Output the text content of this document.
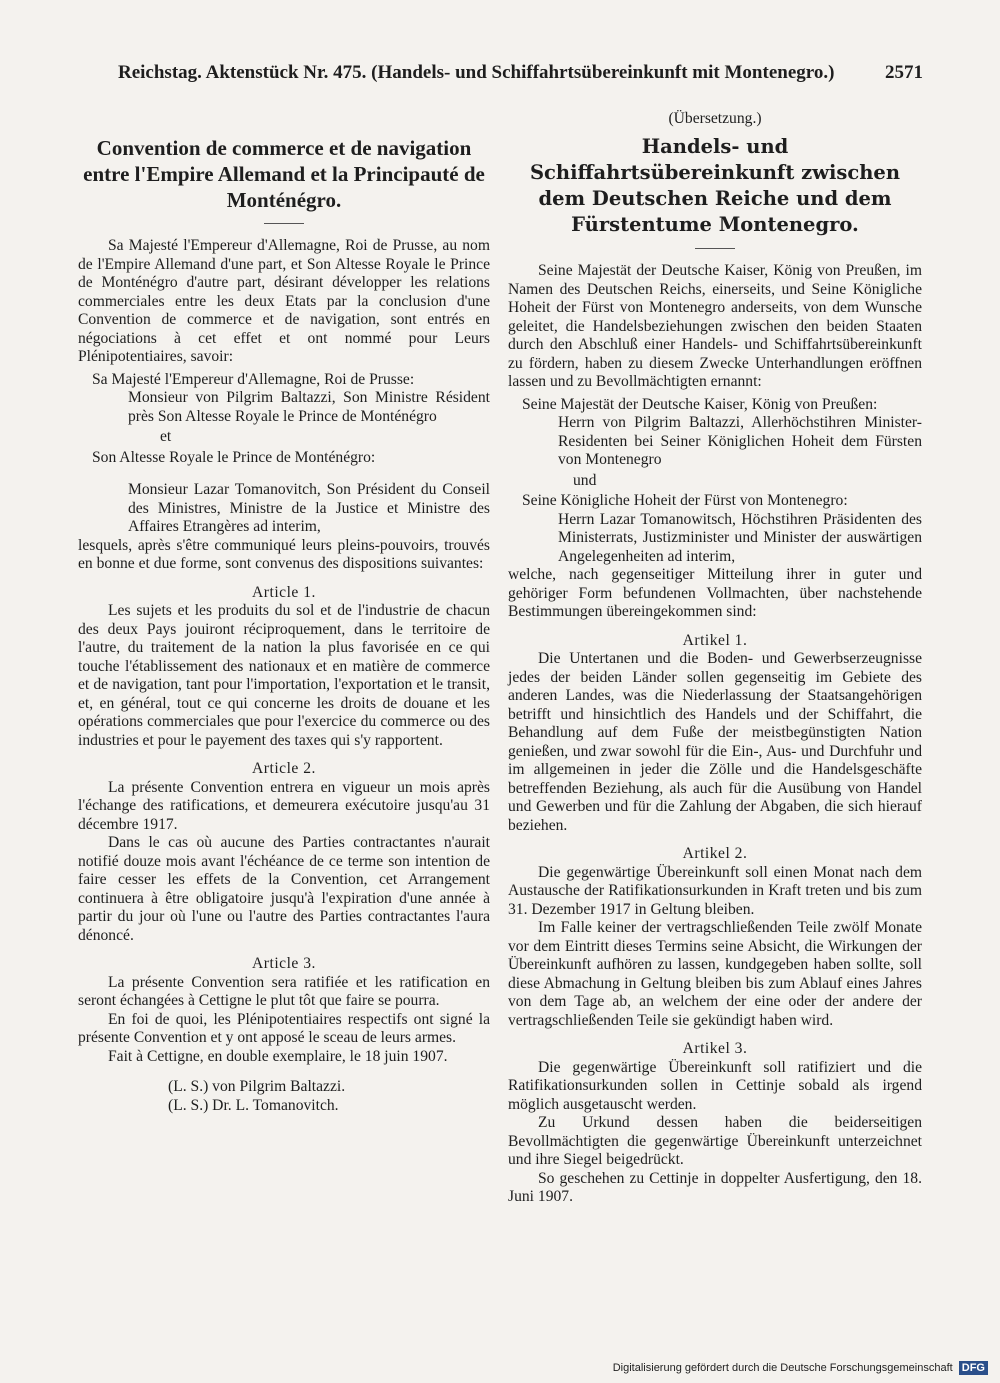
Reichstag. Aktenstück Nr. 475. (Handels- und Schiffahrtsübereinkunft mit Montenegro.)	2571
Convention de commerce et de navigation entre l'Empire Allemand et la Principauté de Monténégro.

Sa Majesté l'Empereur d'Allemagne, Roi de Prusse, au nom de l'Empire Allemand d'une part, et Son Altesse Royale le Prince de Monténégro d'autre part, désirant développer les relations commerciales entre les deux Etats par la conclusion d'une Convention de commerce et de navigation, sont entrés en négociations à cet effet et ont nommé pour Leurs Plénipotentiaires, savoir:

Sa Majesté l'Empereur d'Allemagne, Roi de Prusse:

Monsieur von Pilgrim Baltazzi, Son Ministre Résident près Son Altesse Royale le Prince de Monténégro

et

Son Altesse Royale le Prince de Monténégro:

Monsieur Lazar Tomanovitch, Son Président du Conseil des Ministres, Ministre de la Justice et Ministre des Affaires Etrangères ad interim,

lesquels, après s'être communiqué leurs pleins-pouvoirs, trouvés en bonne et due forme, sont convenus des dispositions suivantes:

Article 1.

Les sujets et les produits du sol et de l'industrie de chacun des deux Pays jouiront réciproquement, dans le territoire de l'autre, du traitement de la nation la plus favorisée en ce qui touche l'établissement des nationaux et en matière de commerce et de navigation, tant pour l'importation, l'exportation et le transit, et, en général, tout ce qui concerne les droits de douane et les opérations commerciales que pour l'exercice du commerce ou des industries et pour le payement des taxes qui s'y rapportent.

Article 2.

La présente Convention entrera en vigueur un mois après l'échange des ratifications, et demeurera exécutoire jusqu'au 31 décembre 1917.

Dans le cas où aucune des Parties contractantes n'aurait notifié douze mois avant l'échéance de ce terme son intention de faire cesser les effets de la Convention, cet Arrangement continuera à être obligatoire jusqu'à l'expiration d'une année à partir du jour où l'une ou l'autre des Parties contractantes l'aura dénoncé.

Article 3.

La présente Convention sera ratifiée et les ratification en seront échangées à Cettigne le plut tôt que faire se pourra.

En foi de quoi, les Plénipotentiaires respectifs ont signé la présente Convention et y ont apposé le sceau de leurs armes.

Fait à Cettigne, en double exemplaire, le 18 juin 1907.

(L. S.) von Pilgrim Baltazzi.

(L. S.) Dr. L. Tomanovitch.

(Übersetzung.)

Handels- und Schiffahrtsübereinkunft zwischen dem Deutschen Reiche und dem Fürstentume Montenegro.

Seine Majestät der Deutsche Kaiser, König von Preußen, im Namen des Deutschen Reichs, einerseits, und Seine Königliche Hoheit der Fürst von Montenegro anderseits, von dem Wunsche geleitet, die Handelsbeziehungen zwischen den beiden Staaten durch den Abschluß einer Handels- und Schiffahrtsübereinkunft zu fördern, haben zu diesem Zwecke Unterhandlungen eröffnen lassen und zu Bevollmächtigten ernannt:

Seine Majestät der Deutsche Kaiser, König von Preußen:

Herrn von Pilgrim Baltazzi, Allerhöchstihren Minister-Residenten bei Seiner Königlichen Hoheit dem Fürsten von Montenegro

und

Seine Königliche Hoheit der Fürst von Montenegro:

Herrn Lazar Tomanowitsch, Höchstihren Präsidenten des Ministerrats, Justizminister und Minister der auswärtigen Angelegenheiten ad interim,

welche, nach gegenseitiger Mitteilung ihrer in guter und gehöriger Form befundenen Vollmachten, über nachstehende Bestimmungen übereingekommen sind:

Artikel 1.

Die Untertanen und die Boden- und Gewerbserzeugnisse jedes der beiden Länder sollen gegenseitig im Gebiete des anderen Landes, was die Niederlassung der Staatsangehörigen betrifft und hinsichtlich des Handels und der Schiffahrt, die Behandlung auf dem Fuße der meistbegünstigten Nation genießen, und zwar sowohl für die Ein-, Aus- und Durchfuhr und im allgemeinen in jeder die Zölle und die Handelsgeschäfte betreffenden Beziehung, als auch für die Ausübung von Handel und Gewerben und für die Zahlung der Abgaben, die sich hierauf beziehen.

Artikel 2.

Die gegenwärtige Übereinkunft soll einen Monat nach dem Austausche der Ratifikationsurkunden in Kraft treten und bis zum 31. Dezember 1917 in Geltung bleiben.

Im Falle keiner der vertragschließenden Teile zwölf Monate vor dem Eintritt dieses Termins seine Absicht, die Wirkungen der Übereinkunft aufhören zu lassen, kundgegeben haben sollte, soll diese Abmachung in Geltung bleiben bis zum Ablauf eines Jahres von dem Tage ab, an welchem der eine oder der andere der vertragschließenden Teile sie gekündigt haben wird.

Artikel 3.

Die gegenwärtige Übereinkunft soll ratifiziert und die Ratifikationsurkunden sollen in Cettinje sobald als irgend möglich ausgetauscht werden.

Zu Urkund dessen haben die beiderseitigen Bevollmächtigten die gegenwärtige Übereinkunft unterzeichnet und ihre Siegel beigedrückt.

So geschehen zu Cettinje in doppelter Ausfertigung, den 18. Juni 1907.

Digitalisierung gefördert durch die Deutsche Forschungsgemeinschaft DFG
